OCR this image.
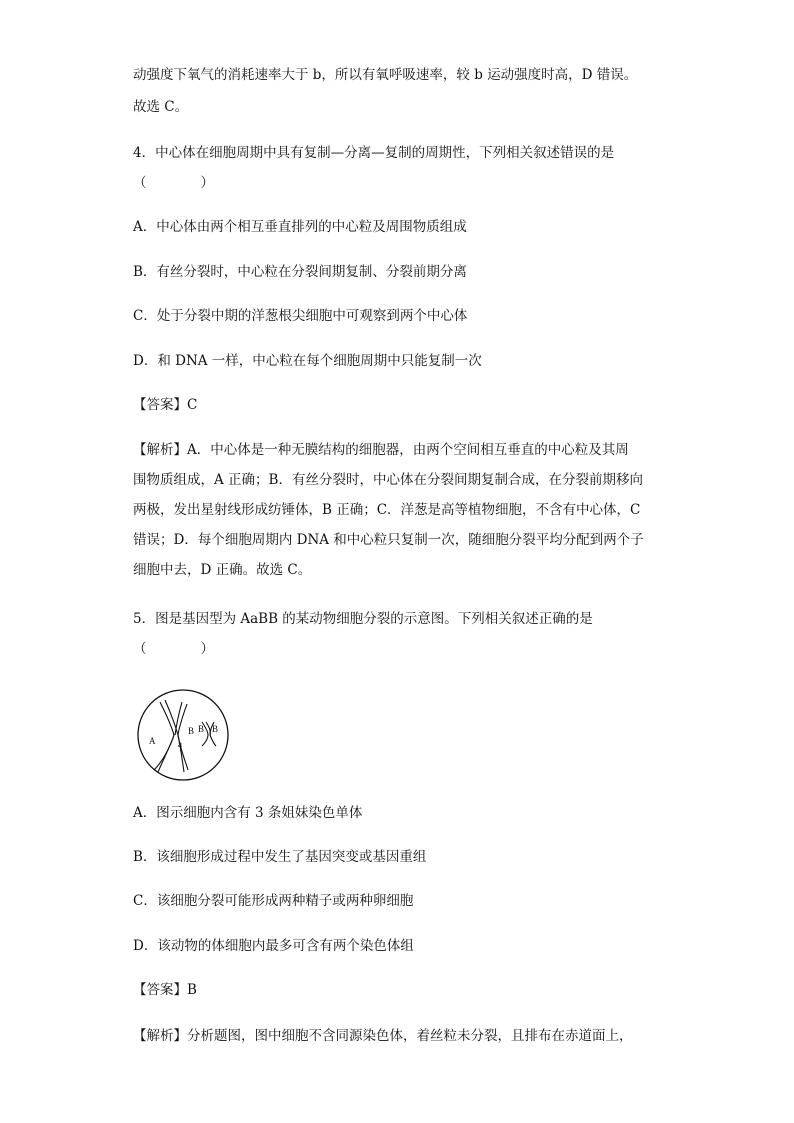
动强度下氧气的消耗速率大于 b，所以有氧呼吸速率，较 b 运动强度时高，D 错误。
故选 C。
4．中心体在细胞周期中具有复制—分离—复制的周期性，下列相关叙述错误的是
（　　　　）
A．中心体由两个相互垂直排列的中心粒及周围物质组成
B．有丝分裂时，中心粒在分裂间期复制、分裂前期分离
C．处于分裂中期的洋葱根尖细胞中可观察到两个中心体
D．和 DNA 一样，中心粒在每个细胞周期中只能复制一次
【答案】C
【解析】A．中心体是一种无膜结构的细胞器，由两个空间相互垂直的中心粒及其周
围物质组成，A 正确；B．有丝分裂时，中心体在分裂间期复制合成，在分裂前期移向
两极，发出星射线形成纺锤体，B 正确；C．洋葱是高等植物细胞，不含有中心体，C
错误；D．每个细胞周期内 DNA 和中心粒只复制一次，随细胞分裂平均分配到两个子
细胞中去，D 正确。故选 C。
5．图是基因型为 AaBB 的某动物细胞分裂的示意图。下列相关叙述正确的是
（　　　　）
A	a
B B B
A．图示细胞内含有 3 条姐妹染色单体
B．该细胞形成过程中发生了基因突变或基因重组
C．该细胞分裂可能形成两种精子或两种卵细胞
D．该动物的体细胞内最多可含有两个染色体组
【答案】B
【解析】分析题图，图中细胞不含同源染色体，着丝粒未分裂，且排布在赤道面上，
